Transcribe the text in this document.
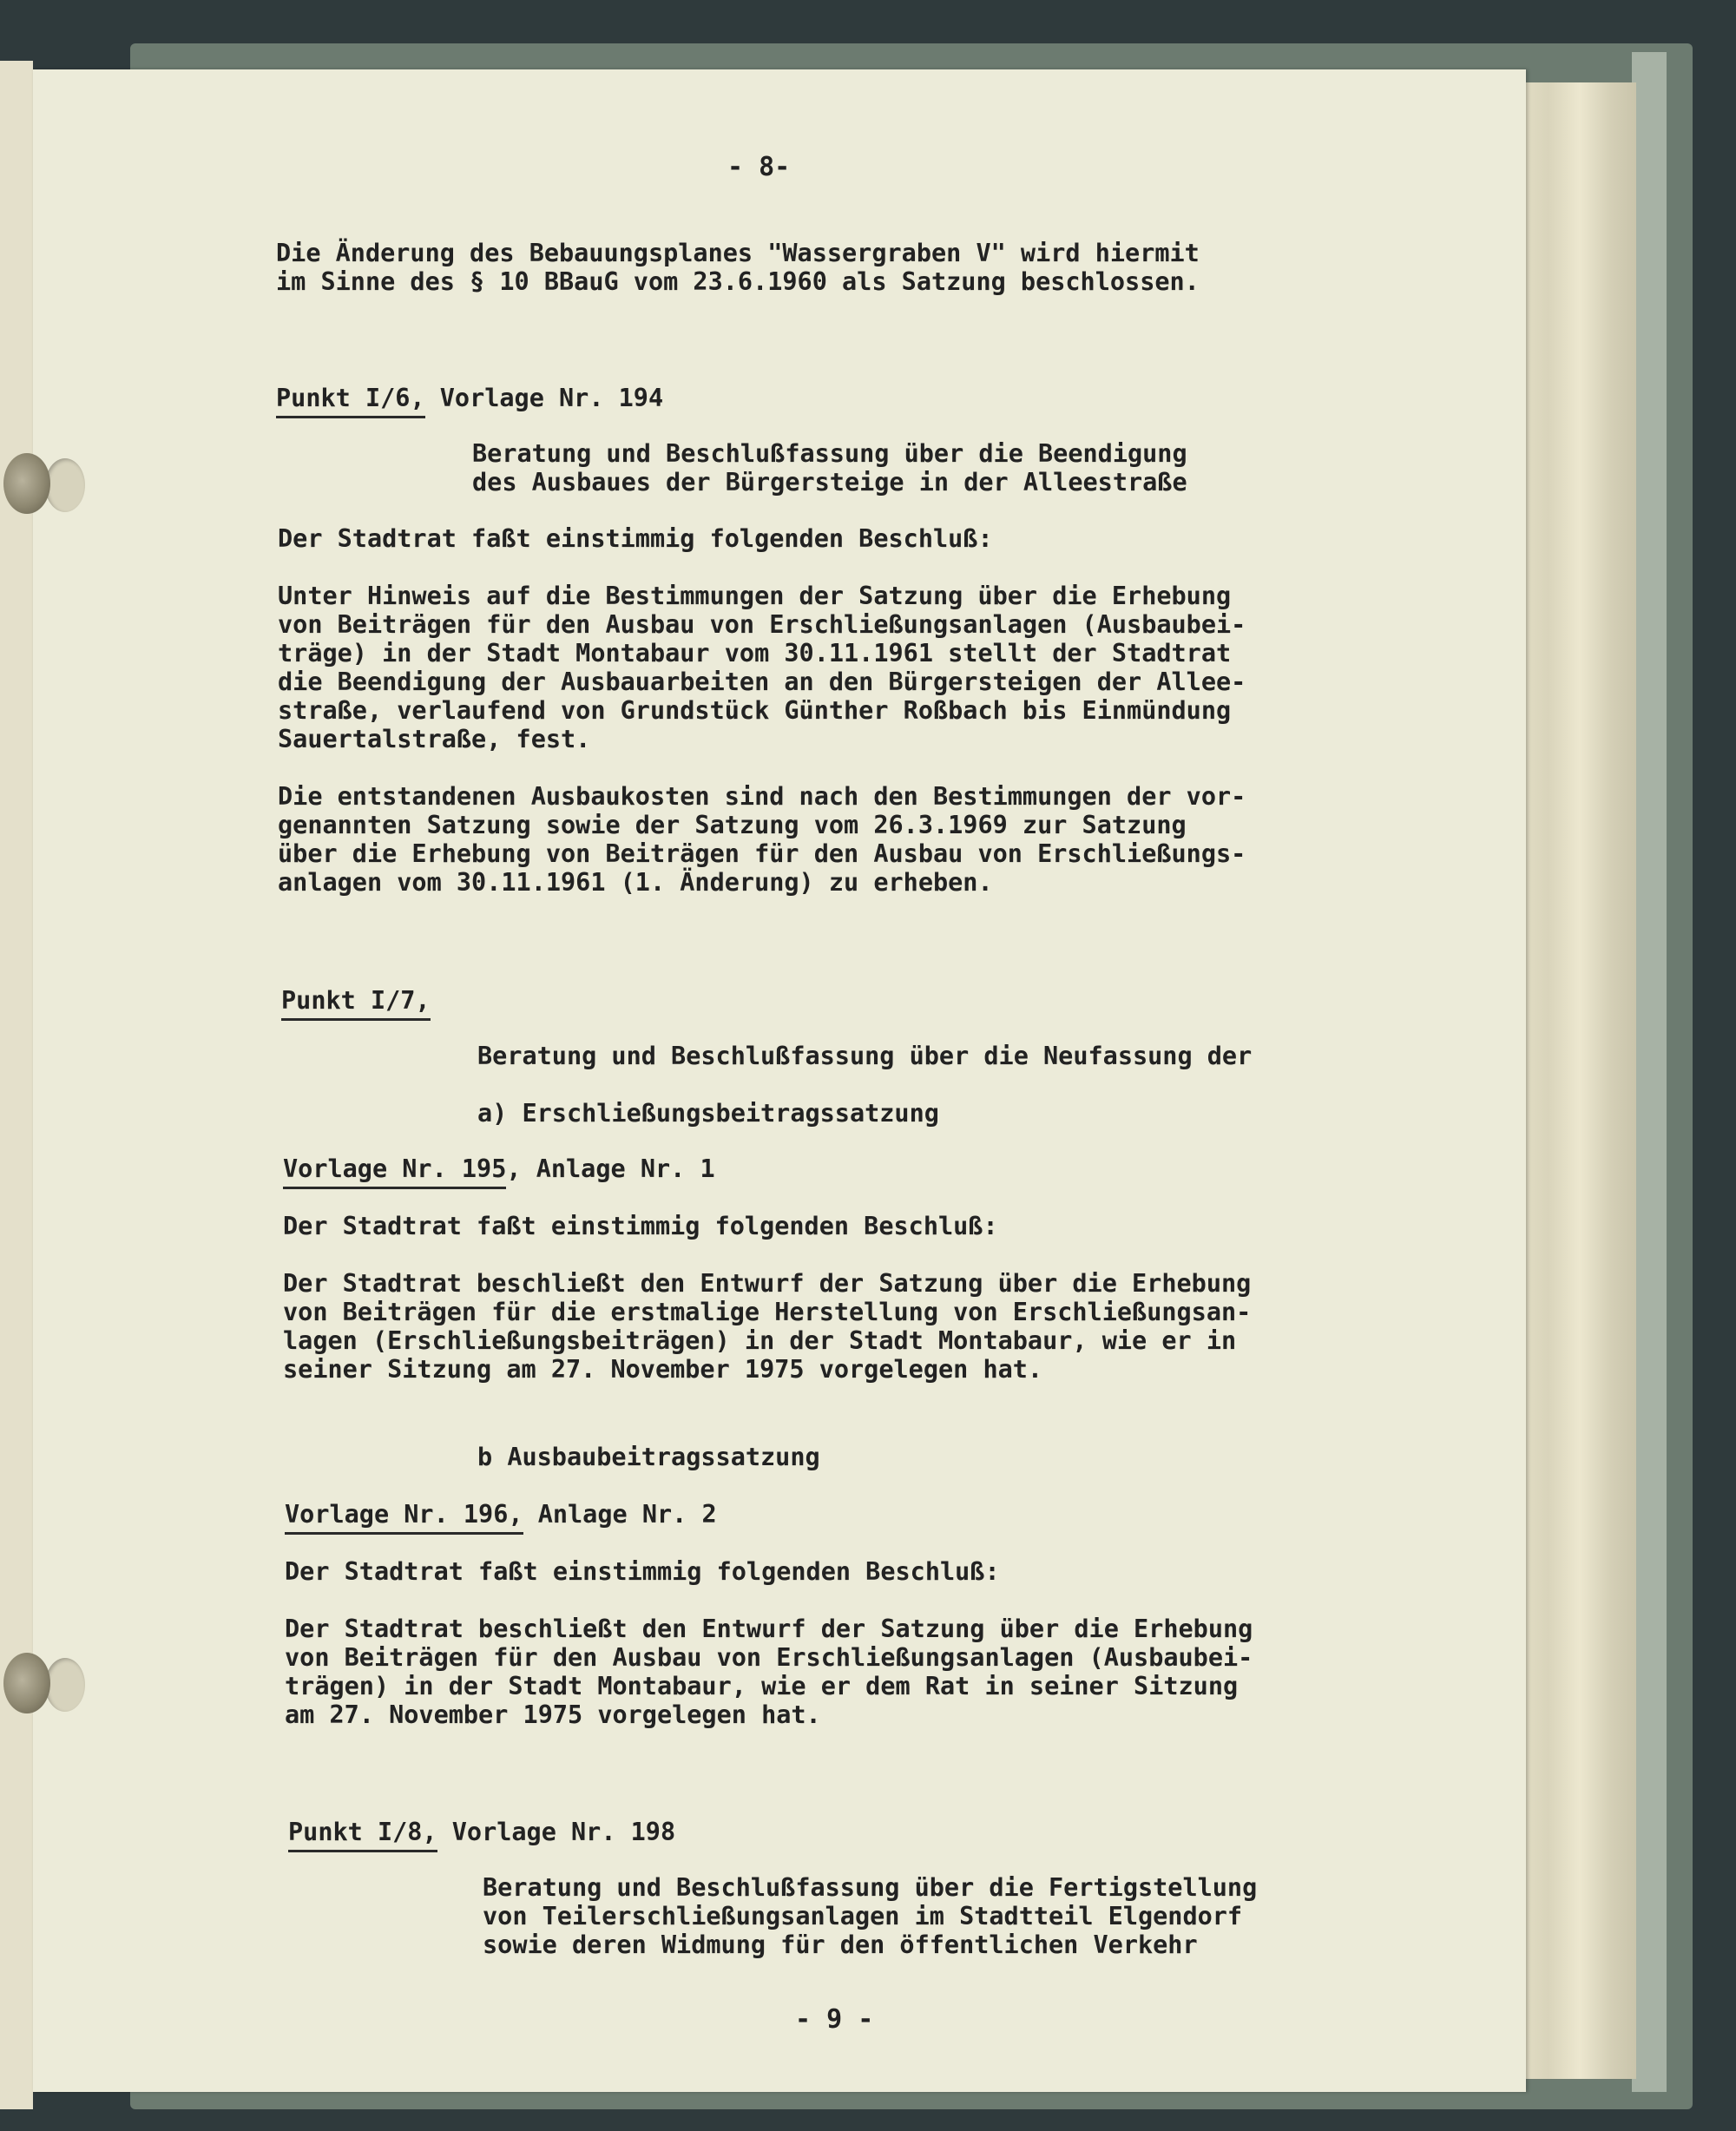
- 8-

Die Änderung des Bebauungsplanes "Wassergraben V" wird hiermit

im Sinne des § 10 BBauG vom 23.6.1960 als Satzung beschlossen.

Punkt I/6, Vorlage Nr. 194

Beratung und Beschlußfassung über die Beendigung

des Ausbaues der Bürgersteige in der Alleestraße

Der Stadtrat faßt einstimmig folgenden Beschluß:

Unter Hinweis auf die Bestimmungen der Satzung über die Erhebung

von Beiträgen für den Ausbau von Erschließungsanlagen (Ausbaubei-

träge) in der Stadt Montabaur vom 30.11.1961 stellt der Stadtrat

die Beendigung der Ausbauarbeiten an den Bürgersteigen der Allee-

straße, verlaufend von Grundstück Günther Roßbach bis Einmündung

Sauertalstraße, fest.

Die entstandenen Ausbaukosten sind nach den Bestimmungen der vor-

genannten Satzung sowie der Satzung vom 26.3.1969 zur Satzung

über die Erhebung von Beiträgen für den Ausbau von Erschließungs-

anlagen vom 30.11.1961 (1. Änderung) zu erheben.

Punkt I/7,

Beratung und Beschlußfassung über die Neufassung der

a) Erschließungsbeitragssatzung

Vorlage Nr. 195, Anlage Nr. 1

Der Stadtrat faßt einstimmig folgenden Beschluß:

Der Stadtrat beschließt den Entwurf der Satzung über die Erhebung

von Beiträgen für die erstmalige Herstellung von Erschließungsan-

lagen (Erschließungsbeiträgen) in der Stadt Montabaur, wie er in

seiner Sitzung am 27. November 1975 vorgelegen hat.

b Ausbaubeitragssatzung

Vorlage Nr. 196, Anlage Nr. 2

Der Stadtrat faßt einstimmig folgenden Beschluß:

Der Stadtrat beschließt den Entwurf der Satzung über die Erhebung

von Beiträgen für den Ausbau von Erschließungsanlagen (Ausbaubei-

trägen) in der Stadt Montabaur, wie er dem Rat in seiner Sitzung

am 27. November 1975 vorgelegen hat.

Punkt I/8, Vorlage Nr. 198

Beratung und Beschlußfassung über die Fertigstellung

von Teilerschließungsanlagen im Stadtteil Elgendorf

sowie deren Widmung für den öffentlichen Verkehr

- 9 -
